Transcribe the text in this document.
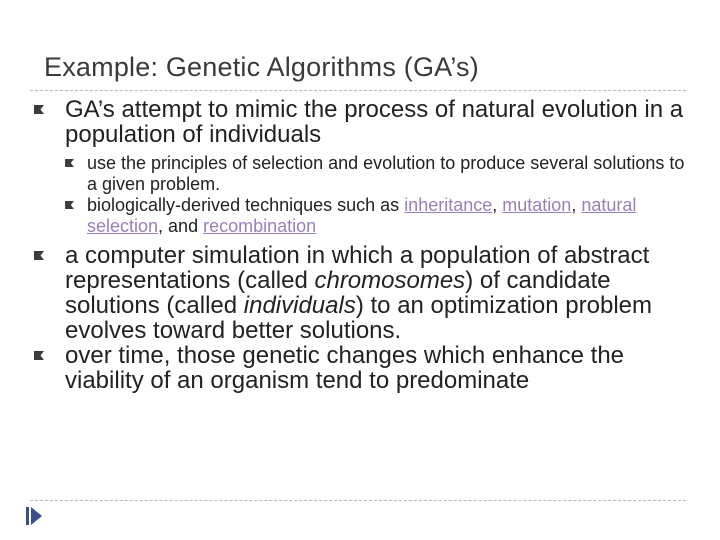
Example: Genetic Algorithms (GA’s)
GA’s attempt to mimic the process of natural evolution in a population of individuals
use the principles of selection and evolution to produce several solutions to a given problem.
biologically-derived techniques such as inheritance, mutation, natural selection, and recombination
a computer simulation in which a population of abstract representations (called chromosomes) of candidate solutions (called individuals) to an optimization problem evolves toward better solutions.
over time, those genetic changes which enhance the viability of an organism tend to predominate
